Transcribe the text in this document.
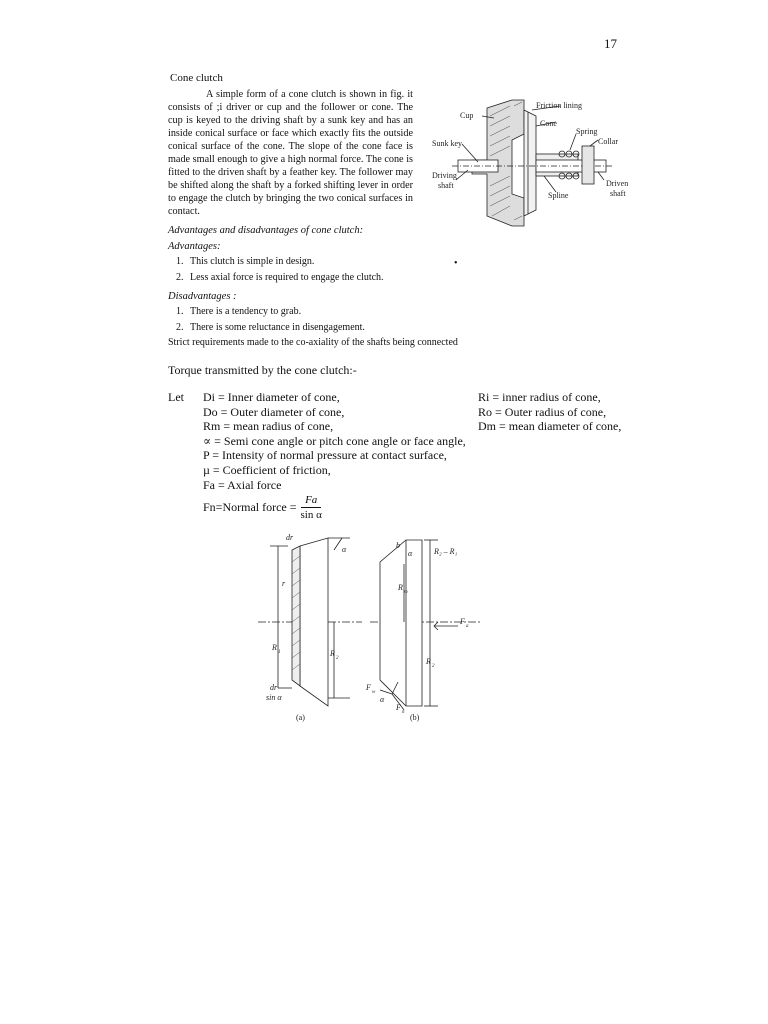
17
Cone clutch

A simple form of a cone clutch is shown in fig. it consists of ;i driver or cup and the follower or cone. The cup is keyed to the driving shaft by a sunk key and has an inside conical surface or face which exactly fits the outside conical surface of the cone. The slope of the cone face is made small enough to give a high normal force. The cone is fitted to the driven shaft by a feather key. The follower may be shifted along the shaft by a forked shifting lever in order to engage the clutch by bringing the two conical surfaces in contact.

Cup
Friction lining
Cone
Spring
Collar
Sunk key
Driving
shaft
Spline
Driven
shaft
Advantages and disadvantages of cone clutch:
Advantages:
1. This clutch is simple in design.
2. Less axial force is required to engage the clutch.
•
Disadvantages :
1. There is a tendency to grab.
2. There is some reluctance in disengagement.
Strict requirements made to the co-axiality of the shafts being connected
Torque transmitted by the cone clutch:-
Let Di = Inner diameter of cone,
Do = Outer diameter of cone,
Rm = mean radius of cone,
∝ = Semi cone angle or pitch cone angle or face angle,
P = Intensity of normal pressure at contact surface,
µ = Coefficient of friction,
Fa = Axial force
Ri = inner radius of cone,
Ro = Outer radius of cone,
Dm = mean diameter of cone,
Fn=Normal force = $\frac{Fa}{\text{sin α}}$
dr
α
r
R
1	R
2
dr
sin α
(a)
b
α	R₂ – R₁
R
m
F
a
R
2
F
w
α
F
n
(b)
